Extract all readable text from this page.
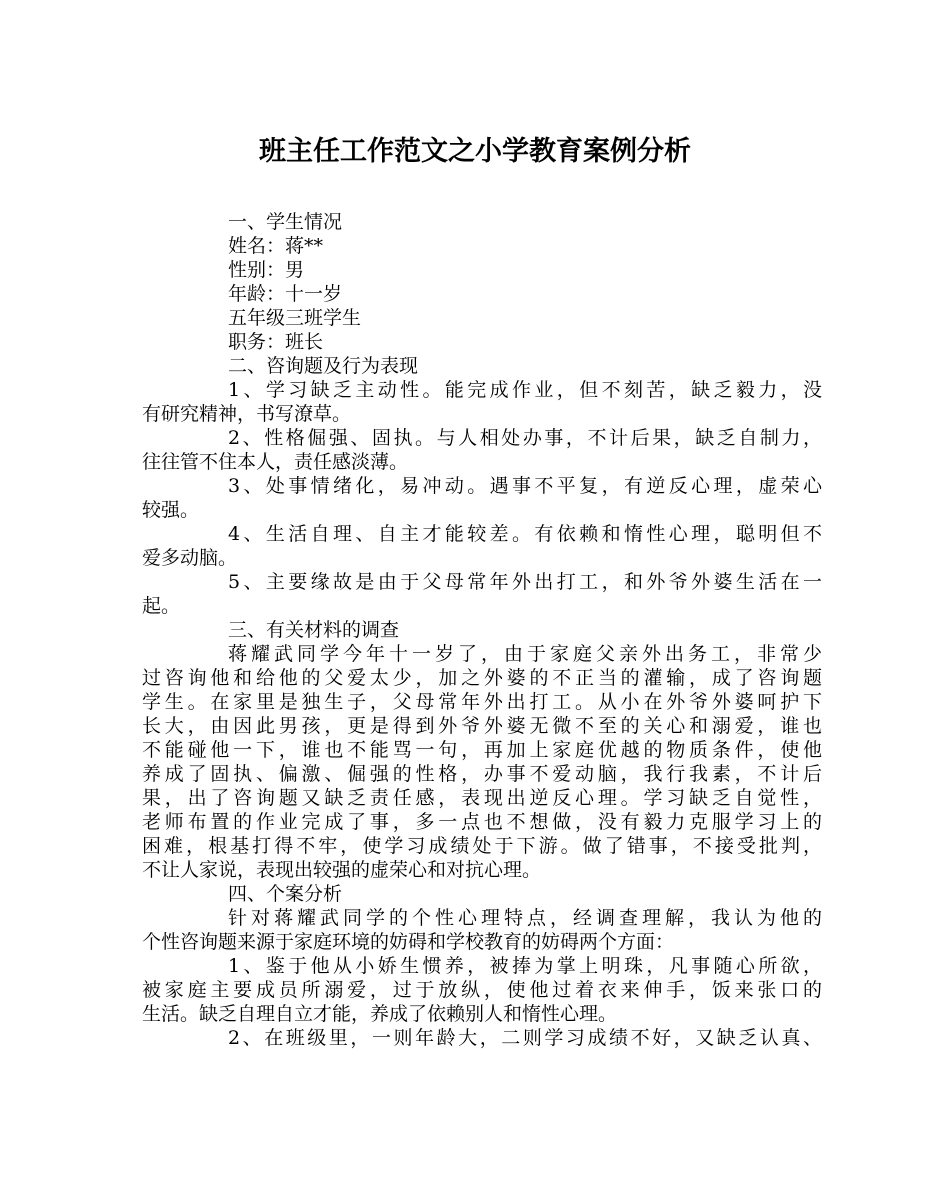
班主任工作范文之小学教育案例分析
一、学生情况
姓名：蒋**
性别：男
年龄：十一岁
五年级三班学生
职务：班长
二、咨询题及行为表现
1、学习缺乏主动性。能完成作业，但不刻苦，缺乏毅力，没
有研究精神，书写潦草。
2、性格倔强、固执。与人相处办事，不计后果，缺乏自制力，
往往管不住本人，责任感淡薄。
3、处事情绪化，易冲动。遇事不平复，有逆反心理，虚荣心
较强。
4、生活自理、自主才能较差。有依赖和惰性心理，聪明但不
爱多动脑。
5、主要缘故是由于父母常年外出打工，和外爷外婆生活在一
起。
三、有关材料的调查
蒋耀武同学今年十一岁了，由于家庭父亲外出务工，非常少
过咨询他和给他的父爱太少，加之外婆的不正当的灌输，成了咨询题
学生。在家里是独生子，父母常年外出打工。从小在外爷外婆呵护下
长大，由因此男孩，更是得到外爷外婆无微不至的关心和溺爱，谁也
不能碰他一下，谁也不能骂一句，再加上家庭优越的物质条件，使他
养成了固执、偏激、倔强的性格，办事不爱动脑，我行我素，不计后
果，出了咨询题又缺乏责任感，表现出逆反心理。学习缺乏自觉性，
老师布置的作业完成了事，多一点也不想做，没有毅力克服学习上的
困难，根基打得不牢，使学习成绩处于下游。做了错事，不接受批判，
不让人家说，表现出较强的虚荣心和对抗心理。
四、个案分析
针对蒋耀武同学的个性心理特点，经调查理解，我认为他的
个性咨询题来源于家庭环境的妨碍和学校教育的妨碍两个方面：
1、鉴于他从小娇生惯养，被捧为掌上明珠，凡事随心所欲，
被家庭主要成员所溺爱，过于放纵，使他过着衣来伸手，饭来张口的
生活。缺乏自理自立才能，养成了依赖别人和惰性心理。
2、在班级里，一则年龄大，二则学习成绩不好，又缺乏认真、
